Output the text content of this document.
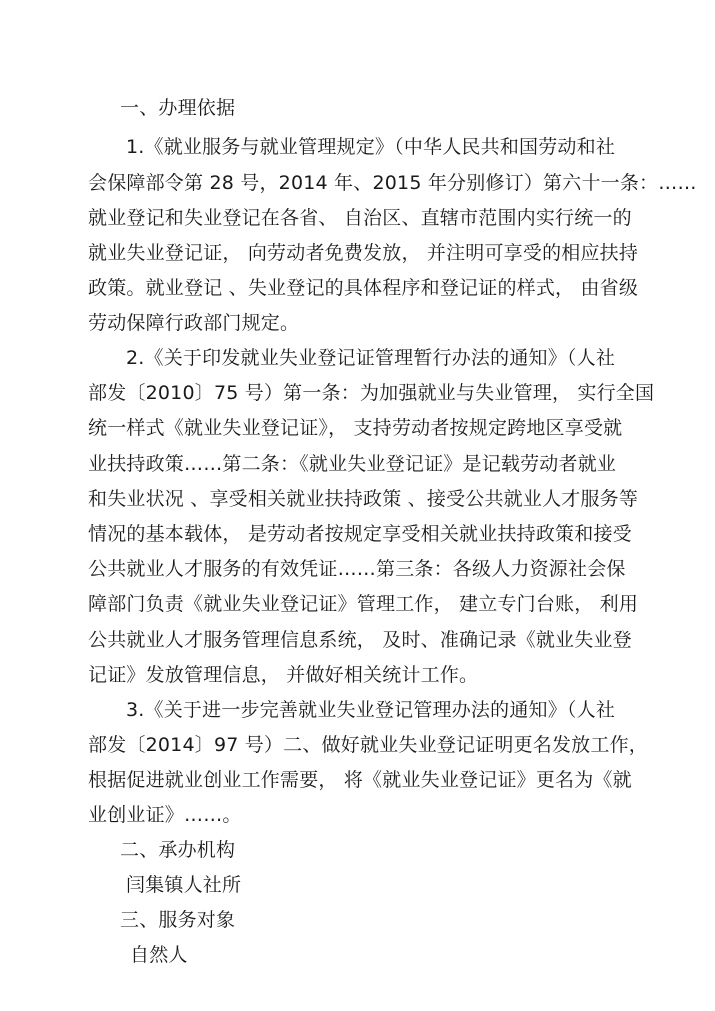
一、办理依据
1.《就业服务与就业管理规定》（中华人民共和国劳动和社
会保障部令第 28 号，2014 年、2015 年分别修订）第六十一条：……
就业登记和失业登记在各省、 自治区、直辖市范围内实行统一的
就业失业登记证， 向劳动者免费发放， 并注明可享受的相应扶持
政策。就业登记 、失业登记的具体程序和登记证的样式， 由省级
劳动保障行政部门规定。
2.《关于印发就业失业登记证管理暂行办法的通知》（人社
部发〔2010〕75 号）第一条：为加强就业与失业管理， 实行全国
统一样式《就业失业登记证》， 支持劳动者按规定跨地区享受就
业扶持政策……第二条：《就业失业登记证》是记载劳动者就业
和失业状况 、享受相关就业扶持政策 、接受公共就业人才服务等
情况的基本载体， 是劳动者按规定享受相关就业扶持政策和接受
公共就业人才服务的有效凭证……第三条：各级人力资源社会保
障部门负责《就业失业登记证》管理工作， 建立专门台账， 利用
公共就业人才服务管理信息系统， 及时、准确记录《就业失业登
记证》发放管理信息， 并做好相关统计工作。
3.《关于进一步完善就业失业登记管理办法的通知》（人社
部发〔2014〕97 号）二、做好就业失业登记证明更名发放工作，
根据促进就业创业工作需要， 将《就业失业登记证》更名为《就
业创业证》……。
二、承办机构
闫集镇人社所
三、服务对象
自然人
